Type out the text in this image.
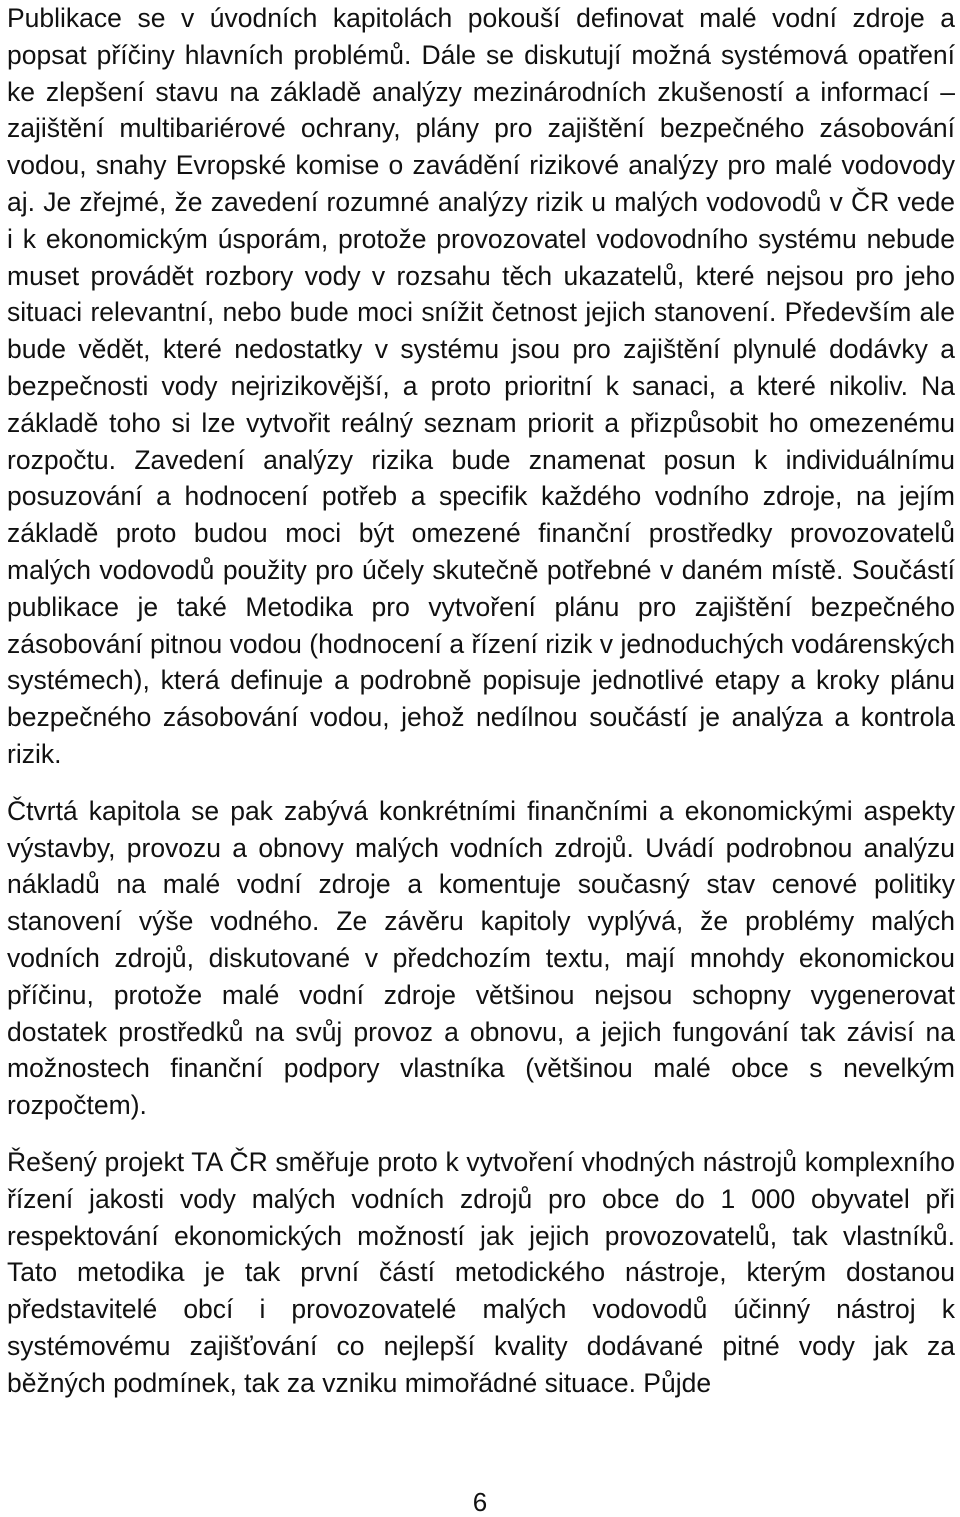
Publikace se v úvodních kapitolách pokouší definovat malé vodní zdroje a popsat příčiny hlavních problémů. Dále se diskutují možná systémová opatření ke zlepšení stavu na základě analýzy mezinárodních zkušeností a informací – zajištění multibariérové ochrany, plány pro zajištění bezpečného zásobování vodou, snahy Evropské komise o zavádění rizikové analýzy pro malé vodovody aj. Je zřejmé, že zavedení rozumné analýzy rizik u malých vodovodů v ČR vede i k ekonomickým úsporám, protože provozovatel vodovodního systému nebude muset provádět rozbory vody v rozsahu těch ukazatelů, které nejsou pro jeho situaci relevantní, nebo bude moci snížit četnost jejich stanovení. Především ale bude vědět, které nedostatky v systému jsou pro zajištění plynulé dodávky a bezpečnosti vody nejrizikovější, a proto prioritní k sanaci, a které nikoliv. Na základě toho si lze vytvořit reálný seznam priorit a přizpůsobit ho omezenému rozpočtu. Zavedení analýzy rizika bude znamenat posun k individuálnímu posuzování a hodnocení potřeb a specifik každého vodního zdroje, na jejím základě proto budou moci být omezené finanční prostředky provozovatelů malých vodovodů použity pro účely skutečně potřebné v daném místě. Součástí publikace je také Metodika pro vytvoření plánu pro zajištění bezpečného zásobování pitnou vodou (hodnocení a řízení rizik v jednoduchých vodárenských systémech), která definuje a podrobně popisuje jednotlivé etapy a kroky plánu bezpečného zásobování vodou, jehož nedílnou součástí je analýza a kontrola rizik.

Čtvrtá kapitola se pak zabývá konkrétními finančními a ekonomickými aspekty výstavby, provozu a obnovy malých vodních zdrojů. Uvádí podrobnou analýzu nákladů na malé vodní zdroje a komentuje současný stav cenové politiky stanovení výše vodného. Ze závěru kapitoly vyplývá, že problémy malých vodních zdrojů, diskutované v předchozím textu, mají mnohdy ekonomickou příčinu, protože malé vodní zdroje většinou nejsou schopny vygenerovat dostatek prostředků na svůj provoz a obnovu, a jejich fungování tak závisí na možnostech finanční podpory vlastníka (většinou malé obce s nevelkým rozpočtem).

Řešený projekt TA ČR směřuje proto k vytvoření vhodných nástrojů komplexního řízení jakosti vody malých vodních zdrojů pro obce do 1 000 obyvatel při respektování ekonomických možností jak jejich provozovatelů, tak vlastníků. Tato metodika je tak první částí metodického nástroje, kterým dostanou představitelé obcí i provozovatelé malých vodovodů účinný nástroj k systémovému zajišťování co nejlepší kvality dodávané pitné vody jak za běžných podmínek, tak za vzniku mimořádné situace. Půjde

6
